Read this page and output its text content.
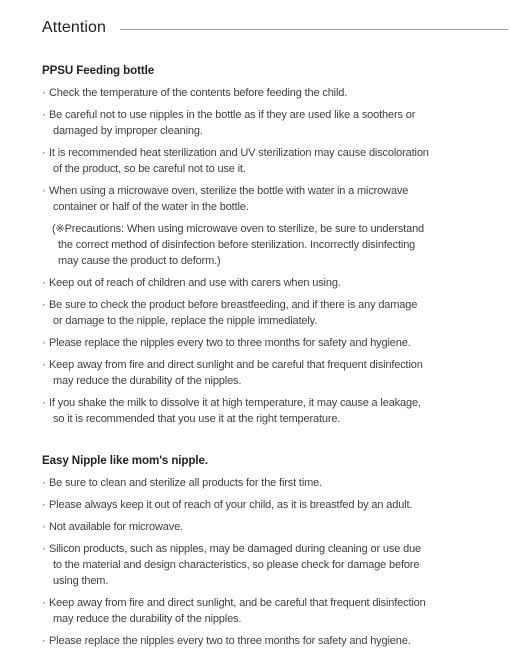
Attention
PPSU Feeding bottle
· Check the temperature of the contents before feeding the child.
· Be careful not to use nipples in the bottle as if they are used like a soothers or
damaged by improper cleaning.
· It is recommended heat sterilization and UV sterilization may cause discoloration
of the product, so be careful not to use it.
· When using a microwave oven, sterilize the bottle with water in a microwave
container or half of the water in the bottle.
(※Precautions: When using microwave oven to sterilize, be sure to understand
the correct method of disinfection before sterilization. Incorrectly disinfecting
may cause the product to deform.)
· Keep out of reach of children and use with carers when using.
· Be sure to check the product before breastfeeding, and if there is any damage
or damage to the nipple, replace the nipple immediately.
· Please replace the nipples every two to three months for safety and hygiene.
· Keep away from fire and direct sunlight and be careful that frequent disinfection
may reduce the durability of the nipples.
· If you shake the milk to dissolve it at high temperature, it may cause a leakage,
so it is recommended that you use it at the right temperature.
Easy Nipple like mom's nipple.
· Be sure to clean and sterilize all products for the first time.
· Please always keep it out of reach of your child, as it is breastfed by an adult.
· Not available for microwave.
· Silicon products, such as nipples, may be damaged during cleaning or use due
to the material and design characteristics, so please check for damage before
using them.
· Keep away from fire and direct sunlight, and be careful that frequent disinfection
may reduce the durability of the nipples.
· Please replace the nipples every two to three months for safety and hygiene.
